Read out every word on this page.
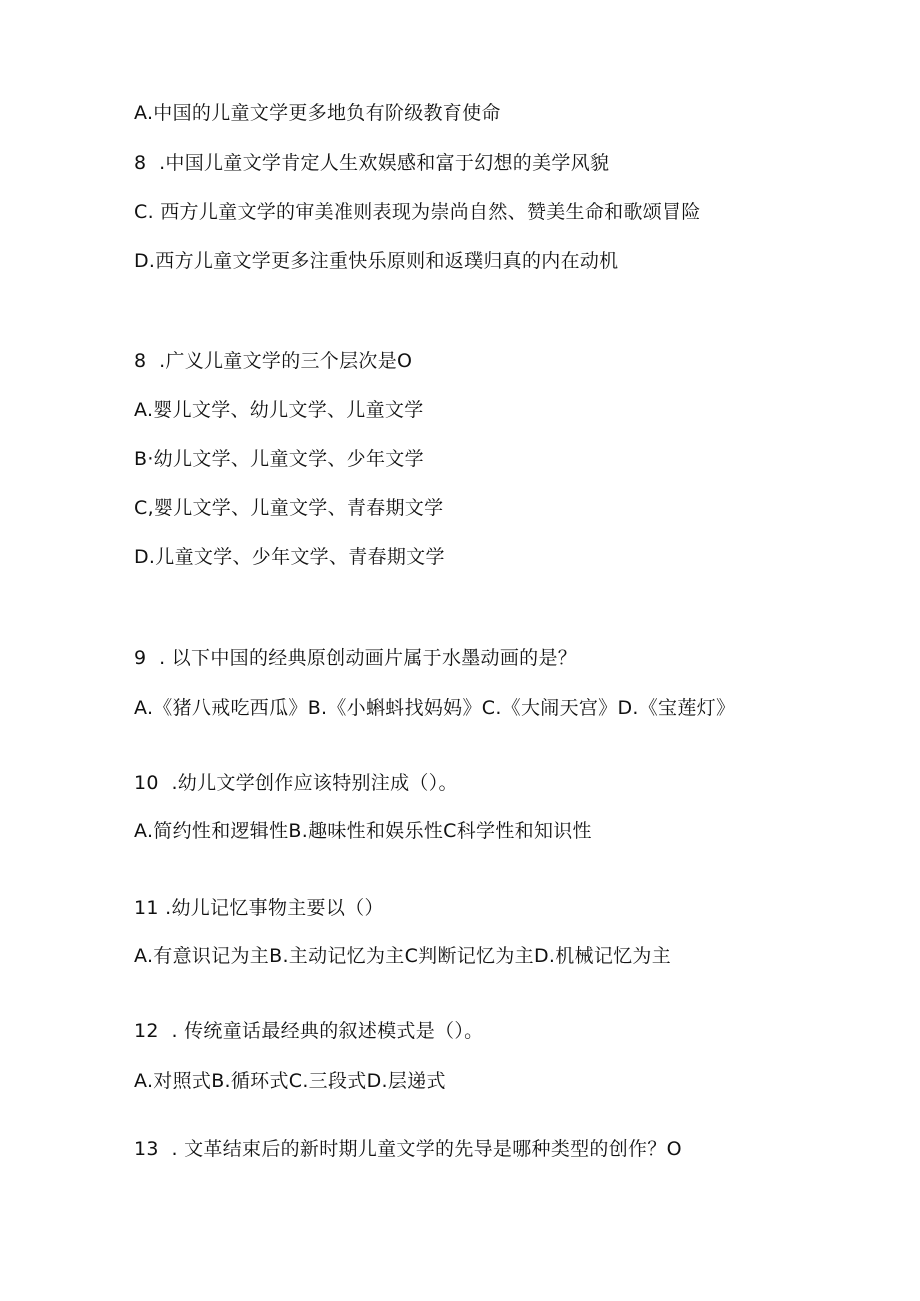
A.中国的儿童文学更多地负有阶级教育使命
8  .中国儿童文学肯定人生欢娱感和富于幻想的美学风貌
C. 西方儿童文学的审美准则表现为崇尚自然、赞美生命和歌颂冒险
D.西方儿童文学更多注重快乐原则和返璞归真的内在动机
8  .广义儿童文学的三个层次是O
A.婴儿文学、幼儿文学、儿童文学
B·幼儿文学、儿童文学、少年文学
C,婴儿文学、儿童文学、青春期文学
D.儿童文学、少年文学、青春期文学
9  . 以下中国的经典原创动画片属于水墨动画的是？
A.《猪八戒吃西瓜》B.《小蝌蚪找妈妈》C.《大闹天宫》D.《宝莲灯》
10  .幼儿文学创作应该特别注成（）。
A.简约性和逻辑性B.趣味性和娱乐性C科学性和知识性
11 .幼儿记忆事物主要以（）
A.有意识记为主B.主动记忆为主C判断记忆为主D.机械记忆为主
12  . 传统童话最经典的叙述模式是（）。
A.对照式B.循环式C.三段式D.层递式
13  . 文革结束后的新时期儿童文学的先导是哪种类型的创作？O
